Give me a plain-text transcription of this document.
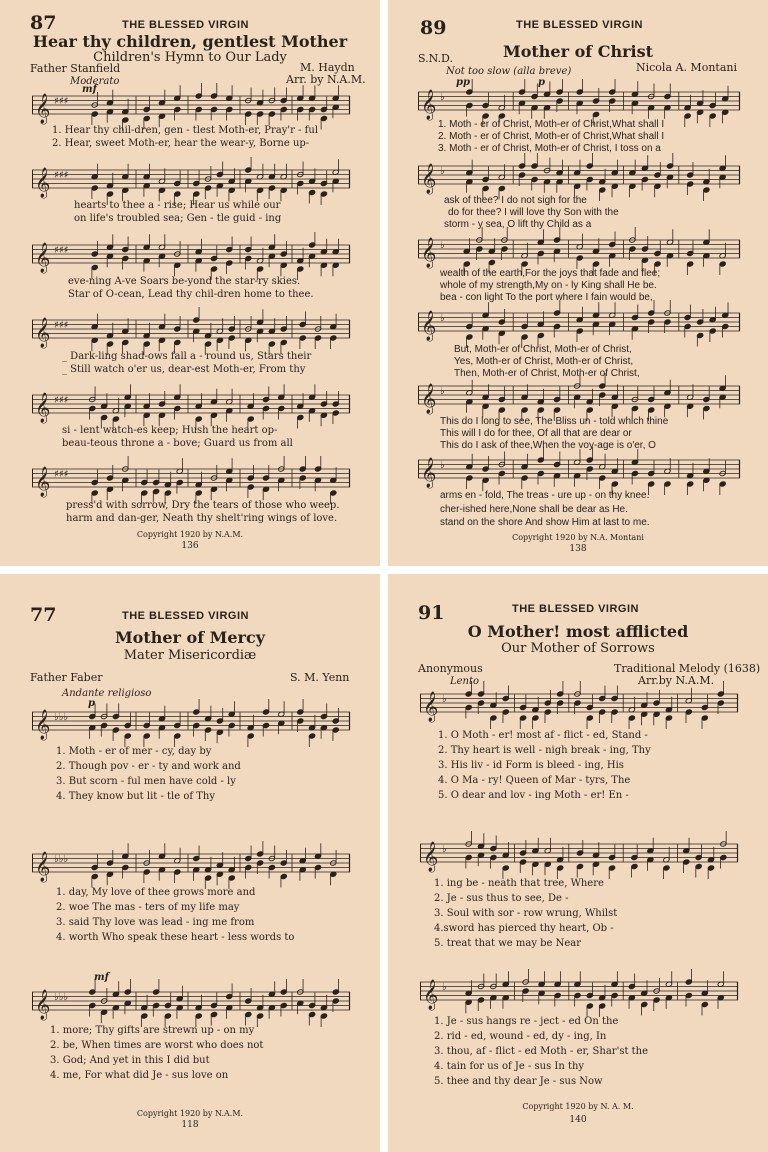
87	THE BLESSED VIRGIN
Hear thy children, gentlest Mother
Children's Hymn to Our Lady
Father Stanfield	M. Haydn
Arr. by N.A.M.
Moderato
mf
𝄞 ♯♯♯
1. Hear thy chil-dren, gen - tlest Moth-er, Pray'r - ful
2. Hear, sweet Moth-er, hear the wear-y, Borne up-
𝄞 ♯♯♯
hearts to thee a - rise; Hear us while our
on life's troubled sea; Gen - tle guid - ing
𝄞 ♯♯♯
eve-ning A-ve Soars be-yond the star-ry skies.
Star of O-cean, Lead thy chil-dren home to thee.
𝄞 ♯♯♯
_ Dark-ling shad-ows fall a - round us, Stars their
_ Still watch o'er us, dear-est Moth-er, From thy
𝄞 ♯♯♯
si - lent watch-es keep; Hush the heart op-
beau-teous throne a - bove; Guard us from all
𝄞 ♯♯♯
press'd with sorrow, Dry the tears of those who weep.
harm and dan-ger, Neath thy shelt'ring wings of love.
Copyright 1920 by N.A.M.
136
89	THE BLESSED VIRGIN
S.N.D.	Mother of Christ
Nicola A. Montani
Not too slow (alla breve)
pp	p
𝄞 ♭
1. Moth - er of Christ, Moth-er of Christ,What shall I
2. Moth - er of Christ, Moth-er of Christ,What shall I
3. Moth - er of Christ, Moth-er of Christ, I toss on a
𝄞 ♭
ask of thee? I do not sigh for the
do for thee? I will love thy Son with the
storm - y sea, O lift thy Child as a
𝄞 ♭
wealth of the earth,For the joys that fade and flee;
whole of my strength,My on - ly King shall He be.
bea - con light To the port where I fain would be,
𝄞 ♭
But, Moth-er of Christ, Moth-er of Christ,
Yes, Moth-er of Christ, Moth-er of Christ,
Then, Moth-er of Christ, Moth-er of Christ,
𝄞 ♭
This do I long to see, The Bliss un - told which thine
This will I do for thee, Of all that are dear or
This do I ask of thee,When the voy-age is o'er, O
𝄞 ♭
arms en - fold, The treas - ure up - on thy knee.
cher-ished here,None shall be dear as He.
stand on the shore And show Him at last to me.
Copyright 1920 by N.A. Montani
138
77	THE BLESSED VIRGIN
Mother of Mercy
Mater Misericordiæ
Father Faber	S. M. Yenn
Andante religioso
p
𝄞 ♭♭♭
1. Moth - er of mer - cy, day by
2. Though pov - er - ty and work and
3. But scorn - ful men have cold - ly
4. They know but lit - tle of Thy
𝄞 ♭♭♭
1. day, My love of thee grows more and
2. woe The mas - ters of my life may
3. said Thy love was lead - ing me from
4. worth Who speak these heart - less words to
mf
𝄞 ♭♭♭
1. more; Thy gifts are strewn up - on my
2. be, When times are worst who does not
3. God; And yet in this I did but
4. me, For what did Je - sus love on
Copyright 1920 by N.A.M.
118
91	THE BLESSED VIRGIN
O Mother! most afflicted
Our Mother of Sorrows
Anonymous	Traditional Melody (1638)
Arr.by N.A.M.
Lento
𝄞 ♭
1. O Moth - er! most af - flict - ed, Stand -
2. Thy heart is well - nigh break - ing, Thy
3. His liv - id Form is bleed - ing, His
4. O Ma - ry! Queen of Mar - tyrs, The
5. O dear and lov - ing Moth - er! En -
𝄞 ♭
1. ing be - neath that tree, Where
2. Je - sus thus to see, De -
3. Soul with sor - row wrung, Whilst
4.sword has pierced thy heart, Ob -
5. treat that we may be Near
𝄞 ♭
1. Je - sus hangs re - ject - ed On the
2. rid - ed, wound - ed, dy - ing, In
3. thou, af - flict - ed Moth - er, Shar'st the
4. tain for us of Je - sus In thy
5. thee and thy dear Je - sus Now
Copyright 1920 by N. A. M.
140
